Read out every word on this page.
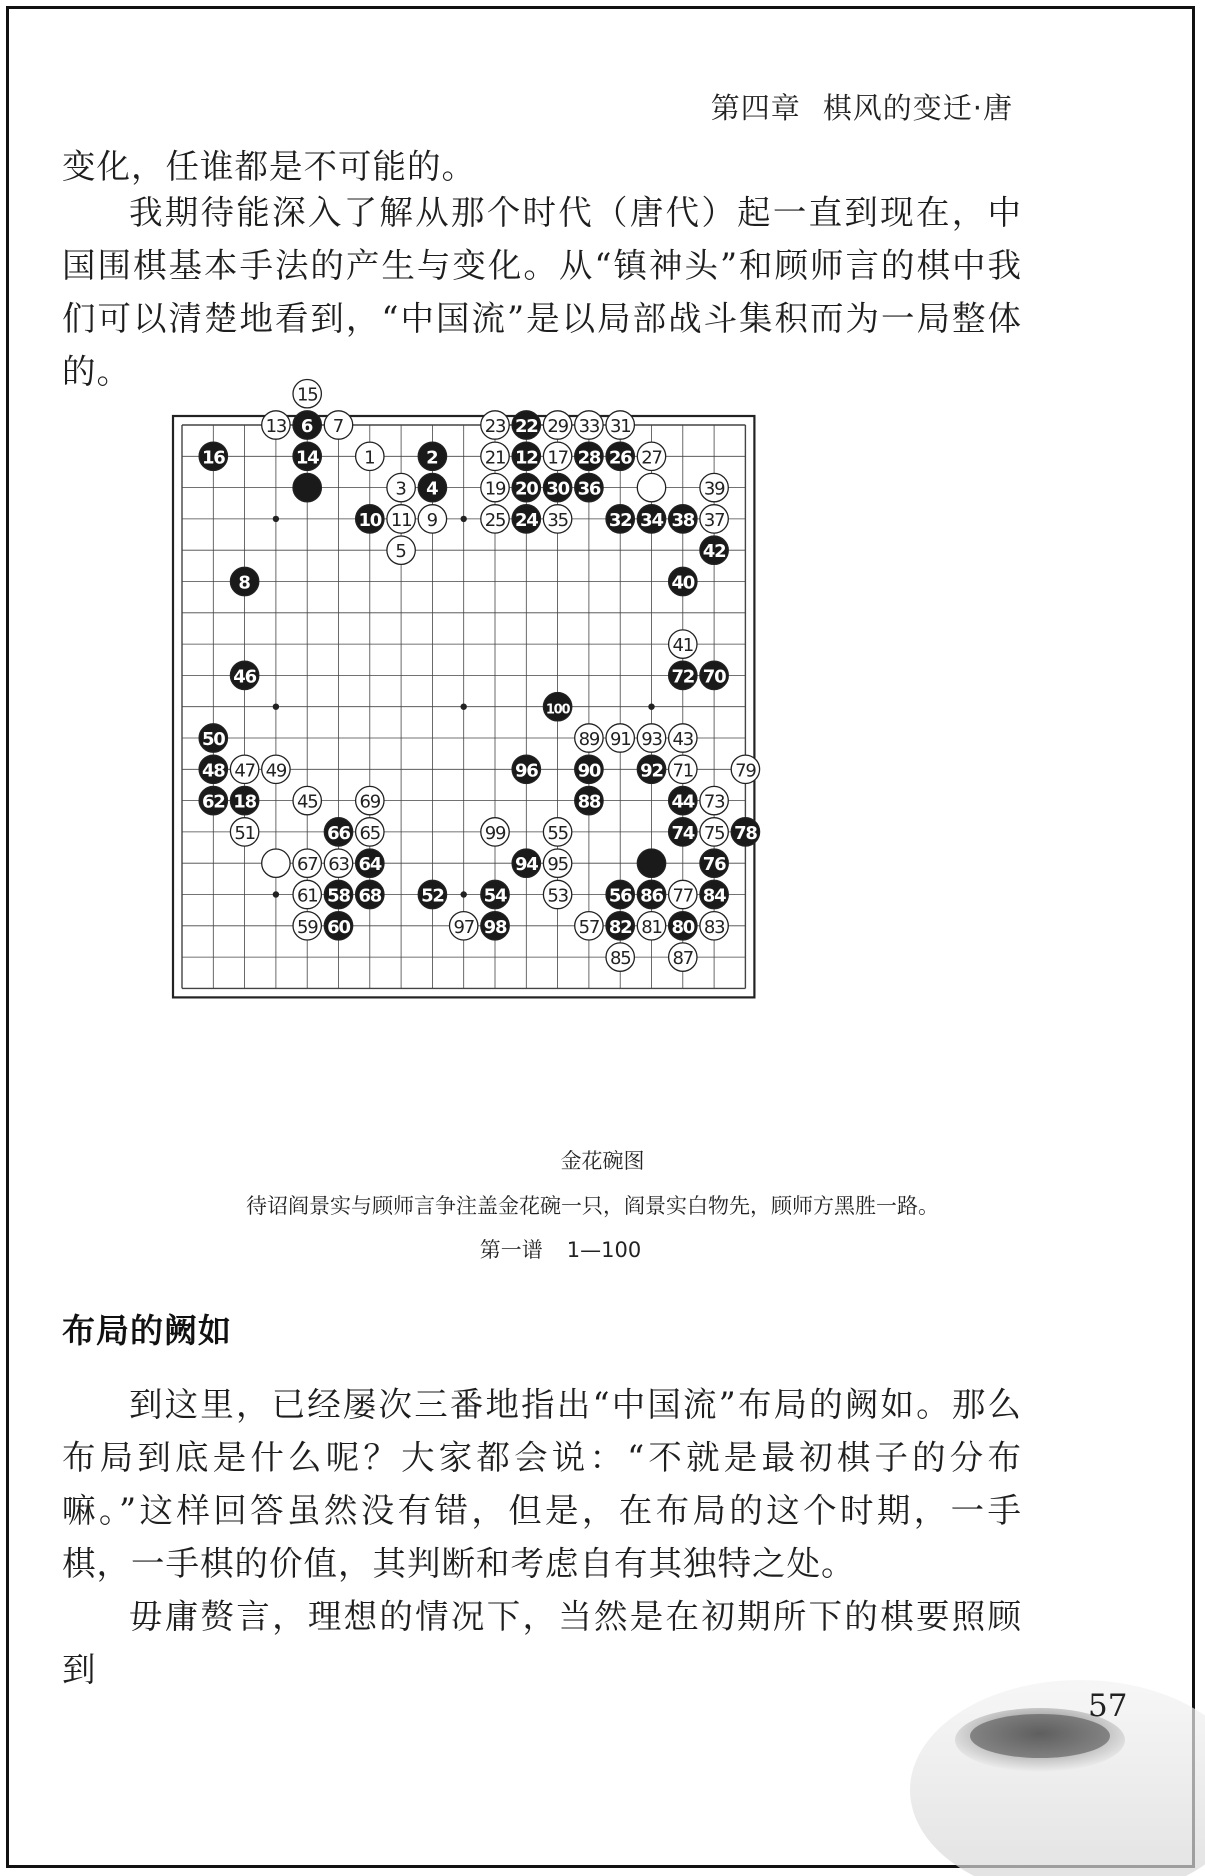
第四章 棋风的变迁·唐

变化，任谁都是不可能的。

我期待能深入了解从那个时代（唐代）起一直到现在，中国围棋基本手法的产生与变化。从“镇神头”和顾师言的棋中我们可以清楚地看到，“中国流”是以局部战斗集积而为一局整体的。

13 6 7
16	14	1	2
3 4
10 11 9
5
23 22
21 12
19 20
25 24
29 33 31
17 28 26 27
30 36	39
35 32 34 38 37
42
8	40
41
46	72 70
100
50	89 91 93 43
48 47 49	96 90 92 71 79
62 18 45 69	88	44 73
51	66 65	99 55	74 75 78
67 63 64	94 95	76
61 58 68 52 54 53 56 86 77 84
59 60	97 98	57 82 81 80 83
15
85 87
金花碗图
待诏阎景实与顾师言争注盖金花碗一只，阎景实白物先，顾师方黑胜一路。
第一谱 1—100
布局的阙如

到这里，已经屡次三番地指出“中国流”布局的阙如。那么布局到底是什么呢？大家都会说：“不就是最初棋子的分布嘛。”这样回答虽然没有错，但是，在布局的这个时期，一手棋，一手棋的价值，其判断和考虑自有其独特之处。

毋庸赘言，理想的情况下，当然是在初期所下的棋要照顾到

57
